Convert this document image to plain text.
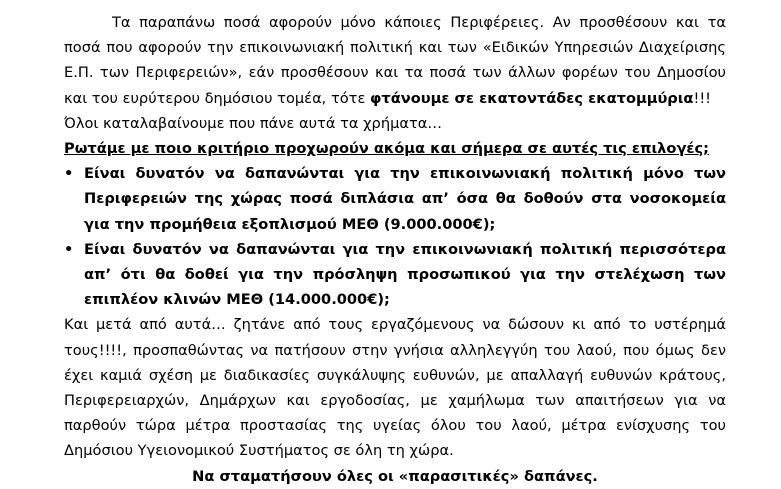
Τα παραπάνω ποσά αφορούν μόνο κάποιες Περιφέρειες. Αν προσθέσουν και τα ποσά που αφορούν την επικοινωνιακή πολιτική και των «Ειδικών Υπηρεσιών Διαχείρισης Ε.Π. των Περιφερειών», εάν προσθέσουν και τα ποσά των άλλων φορέων του Δημοσίου και του ευρύτερου δημόσιου τομέα, τότε φτάνουμε σε εκατοντάδες εκατομμύρια!!!

Όλοι καταλαβαίνουμε που πάνε αυτά τα χρήματα…

Ρωτάμε με ποιο κριτήριο προχωρούν ακόμα και σήμερα σε αυτές τις επιλογές;

• Είναι δυνατόν να δαπανώνται για την επικοινωνιακή πολιτική μόνο των Περιφερειών της χώρας ποσά διπλάσια απ’ όσα θα δοθούν στα νοσοκομεία για την προμήθεια εξοπλισμού ΜΕΘ (9.000.000€);
• Είναι δυνατόν να δαπανώνται για την επικοινωνιακή πολιτική περισσότερα απ’ ότι θα δοθεί για την πρόσληψη προσωπικού για την στελέχωση των επιπλέον κλινών ΜΕΘ (14.000.000€);

Και μετά από αυτά… ζητάνε από τους εργαζόμενους να δώσουν κι από το υστέρημά τους!!!!, προσπαθώντας να πατήσουν στην γνήσια αλληλεγγύη του λαού, που όμως δεν έχει καμιά σχέση με διαδικασίες συγκάλυψης ευθυνών, με απαλλαγή ευθυνών κράτους, Περιφερειαρχών, Δημάρχων και εργοδοσίας, με χαμήλωμα των απαιτήσεων για να παρθούν τώρα μέτρα προστασίας της υγείας όλου του λαού, μέτρα ενίσχυσης του Δημόσιου Υγειονομικού Συστήματος σε όλη τη χώρα.

Να σταματήσουν όλες οι «παρασιτικές» δαπάνες.
